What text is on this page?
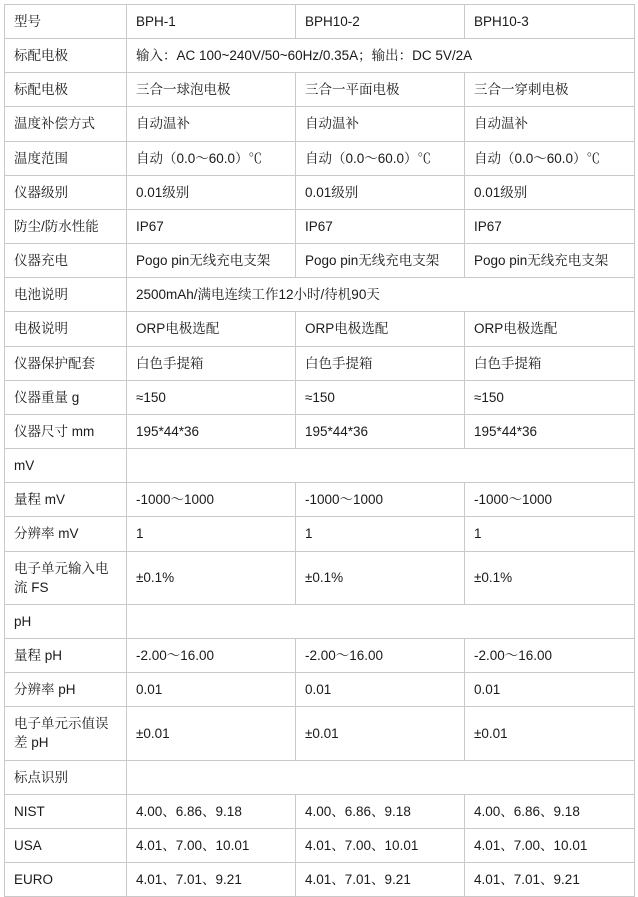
型号	BPH-1	BPH10-2	BPH10-3
标配电极	输入：AC 100~240V/50~60Hz/0.35A；输出：DC 5V/2A		
标配电极	三合一球泡电极	三合一平面电极	三合一穿刺电极
温度补偿方式	自动温补	自动温补	自动温补
温度范围	自动（0.0～60.0）℃	自动（0.0～60.0）℃	自动（0.0～60.0）℃
仪器级别	0.01级别	0.01级别	0.01级别
防尘/防水性能	IP67	IP67	IP67
仪器充电	Pogo pin无线充电支架	Pogo pin无线充电支架	Pogo pin无线充电支架
电池说明	2500mAh/满电连续工作12小时/待机90天		
电极说明	ORP电极选配	ORP电极选配	ORP电极选配
仪器保护配套	白色手提箱	白色手提箱	白色手提箱
仪器重量 g	≈150	≈150	≈150
仪器尺寸 mm	195*44*36	195*44*36	195*44*36
mV			
量程 mV	-1000～1000	-1000～1000	-1000～1000
分辨率 mV	1	1	1
电子单元输入电流 FS	±0.1%	±0.1%	±0.1%
pH			
量程 pH	-2.00～16.00	-2.00～16.00	-2.00～16.00
分辨率 pH	0.01	0.01	0.01
电子单元示值误差 pH	±0.01	±0.01	±0.01
标点识别			
NIST	4.00、6.86、9.18	4.00、6.86、9.18	4.00、6.86、9.18
USA	4.01、7.00、10.01	4.01、7.00、10.01	4.01、7.00、10.01
EURO	4.01、7.01、9.21	4.01、7.01、9.21	4.01、7.01、9.21
